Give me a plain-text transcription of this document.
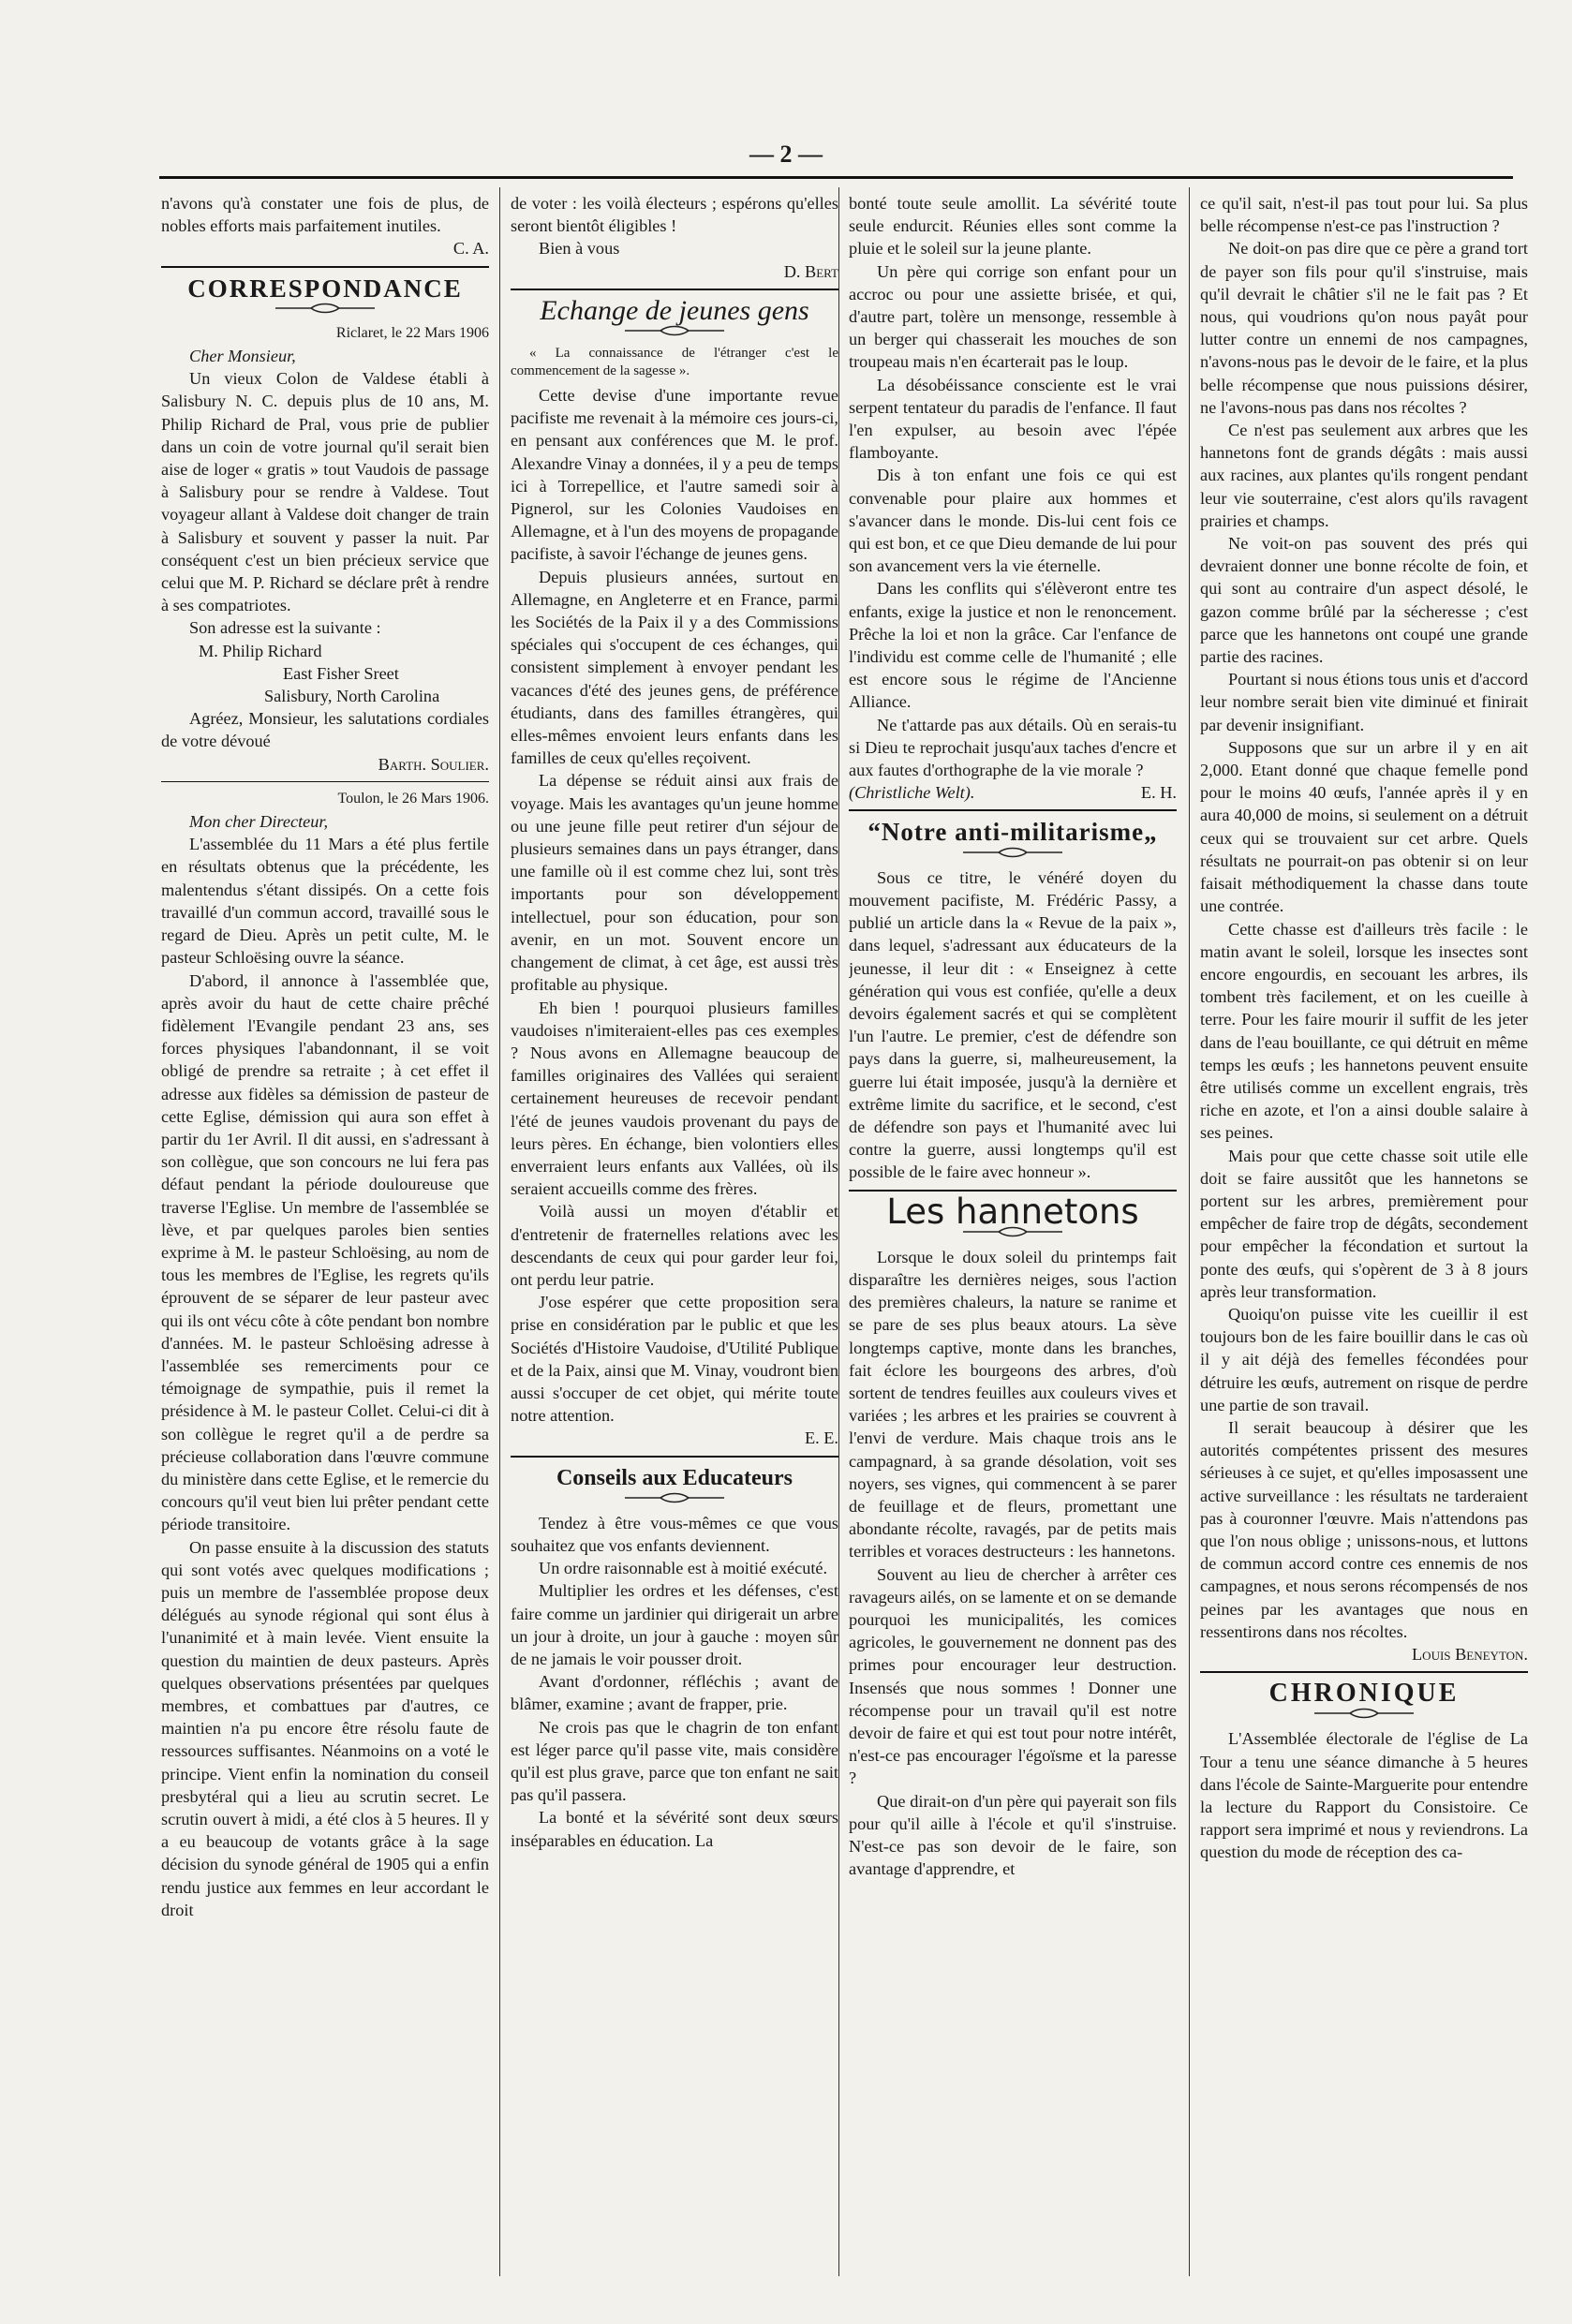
— 2 —

n'avons qu'à constater une fois de plus, de nobles efforts mais parfaitement inutiles.

C. A.
CORRESPONDANCE
Riclaret, le 22 Mars 1906

Cher Monsieur,

Un vieux Colon de Valdese établi à Salisbury N. C. depuis plus de 10 ans, M. Philip Richard de Pral, vous prie de publier dans un coin de votre journal qu'il serait bien aise de loger « gratis » tout Vaudois de passage à Salisbury pour se rendre à Valdese. Tout voyageur allant à Valdese doit changer de train à Salisbury et souvent y passer la nuit. Par conséquent c'est un bien précieux service que celui que M. P. Richard se déclare prêt à rendre à ses compatriotes.

Son adresse est la suivante :

M. Philip Richard
East Fisher Sreet
Salisbury, North Carolina

Agréez, Monsieur, les salutations cordiales de votre dévoué

Barth. Soulier.
Toulon, le 26 Mars 1906.

Mon cher Directeur,

L'assemblée du 11 Mars a été plus fertile en résultats obtenus que la précédente, les malentendus s'étant dissipés. On a cette fois travaillé d'un commun accord, travaillé sous le regard de Dieu. Après un petit culte, M. le pasteur Schloësing ouvre la séance.

D'abord, il annonce à l'assemblée que, après avoir du haut de cette chaire prêché fidèlement l'Evangile pendant 23 ans, ses forces physiques l'abandonnant, il se voit obligé de prendre sa retraite ; à cet effet il adresse aux fidèles sa démission de pasteur de cette Eglise, démission qui aura son effet à partir du 1er Avril. Il dit aussi, en s'adressant à son collègue, que son concours ne lui fera pas défaut pendant la période douloureuse que traverse l'Eglise. Un membre de l'assemblée se lève, et par quelques paroles bien senties exprime à M. le pasteur Schloësing, au nom de tous les membres de l'Eglise, les regrets qu'ils éprouvent de se séparer de leur pasteur avec qui ils ont vécu côte à côte pendant bon nombre d'années. M. le pasteur Schloësing adresse à l'assemblée ses remerciments pour ce témoignage de sympathie, puis il remet la présidence à M. le pasteur Collet. Celui-ci dit à son collègue le regret qu'il a de perdre sa précieuse collaboration dans l'œuvre commune du ministère dans cette Eglise, et le remercie du concours qu'il veut bien lui prêter pendant cette période transitoire.

On passe ensuite à la discussion des statuts qui sont votés avec quelques modifications ; puis un membre de l'assemblée propose deux délégués au synode régional qui sont élus à l'unanimité et à main levée. Vient ensuite la question du maintien de deux pasteurs. Après quelques observations présentées par quelques membres, et combattues par d'autres, ce maintien n'a pu encore être résolu faute de ressources suffisantes. Néanmoins on a voté le principe. Vient enfin la nomination du conseil presbytéral qui a lieu au scrutin secret. Le scrutin ouvert à midi, a été clos à 5 heures. Il y a eu beaucoup de votants grâce à la sage décision du synode général de 1905 qui a enfin rendu justice aux femmes en leur accordant le droit

de voter : les voilà électeurs ; espérons qu'elles seront bientôt éligibles !

Bien à vous

D. Bert
Echange de jeunes gens

« La connaissance de l'étranger c'est le commencement de la sagesse ».

Cette devise d'une importante revue pacifiste me revenait à la mémoire ces jours-ci, en pensant aux conférences que M. le prof. Alexandre Vinay a données, il y a peu de temps ici à Torrepellice, et l'autre samedi soir à Pignerol, sur les Colonies Vaudoises en Allemagne, et à l'un des moyens de propagande pacifiste, à savoir l'échange de jeunes gens.

Depuis plusieurs années, surtout en Allemagne, en Angleterre et en France, parmi les Sociétés de la Paix il y a des Commissions spéciales qui s'occupent de ces échanges, qui consistent simplement à envoyer pendant les vacances d'été des jeunes gens, de préférence étudiants, dans des familles étrangères, qui elles-mêmes envoient leurs enfants dans les familles de ceux qu'elles reçoivent.

La dépense se réduit ainsi aux frais de voyage. Mais les avantages qu'un jeune homme ou une jeune fille peut retirer d'un séjour de plusieurs semaines dans un pays étranger, dans une famille où il est comme chez lui, sont très importants pour son développement intellectuel, pour son éducation, pour son avenir, en un mot. Souvent encore un changement de climat, à cet âge, est aussi très profitable au physique.

Eh bien ! pourquoi plusieurs familles vaudoises n'imiteraient-elles pas ces exemples ? Nous avons en Allemagne beaucoup de familles originaires des Vallées qui seraient certainement heureuses de recevoir pendant l'été de jeunes vaudois provenant du pays de leurs pères. En échange, bien volontiers elles enverraient leurs enfants aux Vallées, où ils seraient accueills comme des frères.

Voilà aussi un moyen d'établir et d'entretenir de fraternelles relations avec les descendants de ceux qui pour garder leur foi, ont perdu leur patrie.

J'ose espérer que cette proposition sera prise en considération par le public et que les Sociétés d'Histoire Vaudoise, d'Utilité Publique et de la Paix, ainsi que M. Vinay, voudront bien aussi s'occuper de cet objet, qui mérite toute notre attention.

E. E.
Conseils aux Educateurs

Tendez à être vous-mêmes ce que vous souhaitez que vos enfants deviennent.

Un ordre raisonnable est à moitié exécuté.

Multiplier les ordres et les défenses, c'est faire comme un jardinier qui dirigerait un arbre un jour à droite, un jour à gauche : moyen sûr de ne jamais le voir pousser droit.

Avant d'ordonner, réfléchis ; avant de blâmer, examine ; avant de frapper, prie.

Ne crois pas que le chagrin de ton enfant est léger parce qu'il passe vite, mais considère qu'il est plus grave, parce que ton enfant ne sait pas qu'il passera.

La bonté et la sévérité sont deux sœurs inséparables en éducation. La

bonté toute seule amollit. La sévérité toute seule endurcit. Réunies elles sont comme la pluie et le soleil sur la jeune plante.

Un père qui corrige son enfant pour un accroc ou pour une assiette brisée, et qui, d'autre part, tolère un mensonge, ressemble à un berger qui chasserait les mouches de son troupeau mais n'en écarterait pas le loup.

La désobéissance consciente est le vrai serpent tentateur du paradis de l'enfance. Il faut l'en expulser, au besoin avec l'épée flamboyante.

Dis à ton enfant une fois ce qui est convenable pour plaire aux hommes et s'avancer dans le monde. Dis-lui cent fois ce qui est bon, et ce que Dieu demande de lui pour son avancement vers la vie éternelle.

Dans les conflits qui s'élèveront entre tes enfants, exige la justice et non le renoncement. Prêche la loi et non la grâce. Car l'enfance de l'individu est comme celle de l'humanité ; elle est encore sous le régime de l'Ancienne Alliance.

Ne t'attarde pas aux détails. Où en serais-tu si Dieu te reprochait jusqu'aux taches d'encre et aux fautes d'orthographe de la vie morale ?

(Christliche Welt).	E. H.
“Notre anti-militarisme„

Sous ce titre, le vénéré doyen du mouvement pacifiste, M. Frédéric Passy, a publié un article dans la « Revue de la paix », dans lequel, s'adressant aux éducateurs de la jeunesse, il leur dit : « Enseignez à cette génération qui vous est confiée, qu'elle a deux devoirs également sacrés et qui se complètent l'un l'autre. Le premier, c'est de défendre son pays dans la guerre, si, malheureusement, la guerre lui était imposée, jusqu'à la dernière et extrême limite du sacrifice, et le second, c'est de défendre son pays et l'humanité avec lui contre la guerre, aussi longtemps qu'il est possible de le faire avec honneur ».

Les hannetons

Lorsque le doux soleil du printemps fait disparaître les dernières neiges, sous l'action des premières chaleurs, la nature se ranime et se pare de ses plus beaux atours. La sève longtemps captive, monte dans les branches, fait éclore les bourgeons des arbres, d'où sortent de tendres feuilles aux couleurs vives et variées ; les arbres et les prairies se couvrent à l'envi de verdure. Mais chaque trois ans le campagnard, à sa grande désolation, voit ses noyers, ses vignes, qui commencent à se parer de feuillage et de fleurs, promettant une abondante récolte, ravagés, par de petits mais terribles et voraces destructeurs : les hannetons.

Souvent au lieu de chercher à arrêter ces ravageurs ailés, on se lamente et on se demande pourquoi les municipalités, les comices agricoles, le gouvernement ne donnent pas des primes pour encourager leur destruction. Insensés que nous sommes ! Donner une récompense pour un travail qu'il est notre devoir de faire et qui est tout pour notre intérêt, n'est-ce pas encourager l'égoïsme et la paresse ?

Que dirait-on d'un père qui payerait son fils pour qu'il aille à l'école et qu'il s'instruise. N'est-ce pas son devoir de le faire, son avantage d'apprendre, et

ce qu'il sait, n'est-il pas tout pour lui. Sa plus belle récompense n'est-ce pas l'instruction ?

Ne doit-on pas dire que ce père a grand tort de payer son fils pour qu'il s'instruise, mais qu'il devrait le châtier s'il ne le fait pas ? Et nous, qui voudrions qu'on nous payât pour lutter contre un ennemi de nos campagnes, n'avons-nous pas le devoir de le faire, et la plus belle récompense que nous puissions désirer, ne l'avons-nous pas dans nos récoltes ?

Ce n'est pas seulement aux arbres que les hannetons font de grands dégâts : mais aussi aux racines, aux plantes qu'ils rongent pendant leur vie souterraine, c'est alors qu'ils ravagent prairies et champs.

Ne voit-on pas souvent des prés qui devraient donner une bonne récolte de foin, et qui sont au contraire d'un aspect désolé, le gazon comme brûlé par la sécheresse ; c'est parce que les hannetons ont coupé une grande partie des racines.

Pourtant si nous étions tous unis et d'accord leur nombre serait bien vite diminué et finirait par devenir insignifiant.

Supposons que sur un arbre il y en ait 2,000. Etant donné que chaque femelle pond pour le moins 40 œufs, l'année après il y en aura 40,000 de moins, si seulement on a détruit ceux qui se trouvaient sur cet arbre. Quels résultats ne pourrait-on pas obtenir si on leur faisait méthodiquement la chasse dans toute une contrée.

Cette chasse est d'ailleurs très facile : le matin avant le soleil, lorsque les insectes sont encore engourdis, en secouant les arbres, ils tombent très facilement, et on les cueille à terre. Pour les faire mourir il suffit de les jeter dans de l'eau bouillante, ce qui détruit en même temps les œufs ; les hannetons peuvent ensuite être utilisés comme un excellent engrais, très riche en azote, et l'on a ainsi double salaire à ses peines.

Mais pour que cette chasse soit utile elle doit se faire aussitôt que les hannetons se portent sur les arbres, premièrement pour empêcher de faire trop de dégâts, secondement pour empêcher la fécondation et surtout la ponte des œufs, qui s'opèrent de 3 à 8 jours après leur transformation.

Quoiqu'on puisse vite les cueillir il est toujours bon de les faire bouillir dans le cas où il y ait déjà des femelles fécondées pour détruire les œufs, autrement on risque de perdre une partie de son travail.

Il serait beaucoup à désirer que les autorités compétentes prissent des mesures sérieuses à ce sujet, et qu'elles imposassent une active surveillance : les résultats ne tarderaient pas à couronner l'œuvre. Mais n'attendons pas que l'on nous oblige ; unissons-nous, et luttons de commun accord contre ces ennemis de nos campagnes, et nous serons récompensés de nos peines par les avantages que nous en ressentirons dans nos récoltes.

Louis Beneyton.
CHRONIQUE

L'Assemblée électorale de l'église de La Tour a tenu une séance dimanche à 5 heures dans l'école de Sainte-Marguerite pour entendre la lecture du Rapport du Consistoire. Ce rapport sera imprimé et nous y reviendrons. La question du mode de réception des ca-
